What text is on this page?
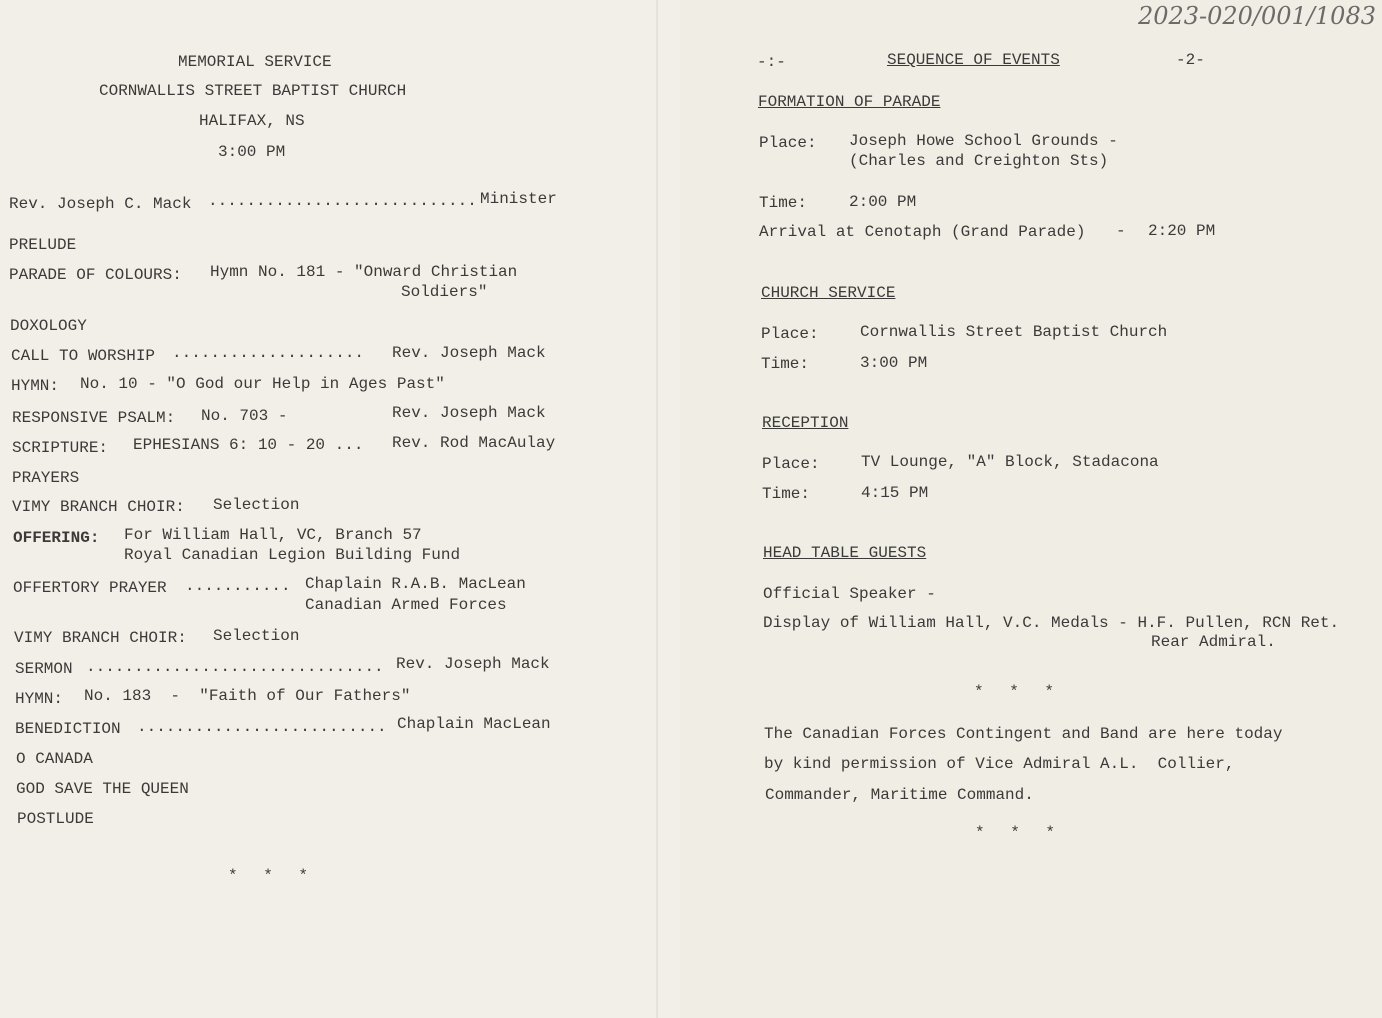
MEMORIAL SERVICE
CORNWALLIS STREET BAPTIST CHURCH
HALIFAX, NS
3:00 PM
Rev. Joseph C. Mack ............................ Minister
PRELUDE
PARADE OF COLOURS: Hymn No. 181 - "Onward Christian
Soldiers"
DOXOLOGY
CALL TO WORSHIP .................... Rev. Joseph Mack
HYMN: No. 10 - "O God our Help in Ages Past"
RESPONSIVE PSALM: No. 703 -	Rev. Joseph Mack
SCRIPTURE: EPHESIANS 6: 10 - 20 ... Rev. Rod MacAulay
PRAYERS
VIMY BRANCH CHOIR: Selection
OFFERING: For William Hall, VC, Branch 57
Royal Canadian Legion Building Fund
OFFERTORY PRAYER ........... Chaplain R.A.B. MacLean
Canadian Armed Forces
VIMY BRANCH CHOIR: Selection
SERMON ............................... Rev. Joseph Mack
HYMN: No. 183  -  "Faith of Our Fathers"
BENEDICTION .......................... Chaplain MacLean
O CANADA
GOD SAVE THE QUEEN
POSTLUDE
* * *
2023-020/001/1083
-:-	SEQUENCE OF EVENTS	-2-
FORMATION OF PARADE
Place: Joseph Howe School Grounds -
(Charles and Creighton Sts)
Time:	2:00 PM
Arrival at Cenotaph (Grand Parade) - 2:20 PM
CHURCH SERVICE
Place:	Cornwallis Street Baptist Church
Time:	3:00 PM
RECEPTION
Place:	TV Lounge, "A" Block, Stadacona
Time:	4:15 PM
HEAD TABLE GUESTS
Official Speaker -
Display of William Hall, V.C. Medals - H.F. Pullen, RCN Ret.
Rear Admiral.
* * *
The Canadian Forces Contingent and Band are here today
by kind permission of Vice Admiral A.L.  Collier,
Commander, Maritime Command.
* * *
